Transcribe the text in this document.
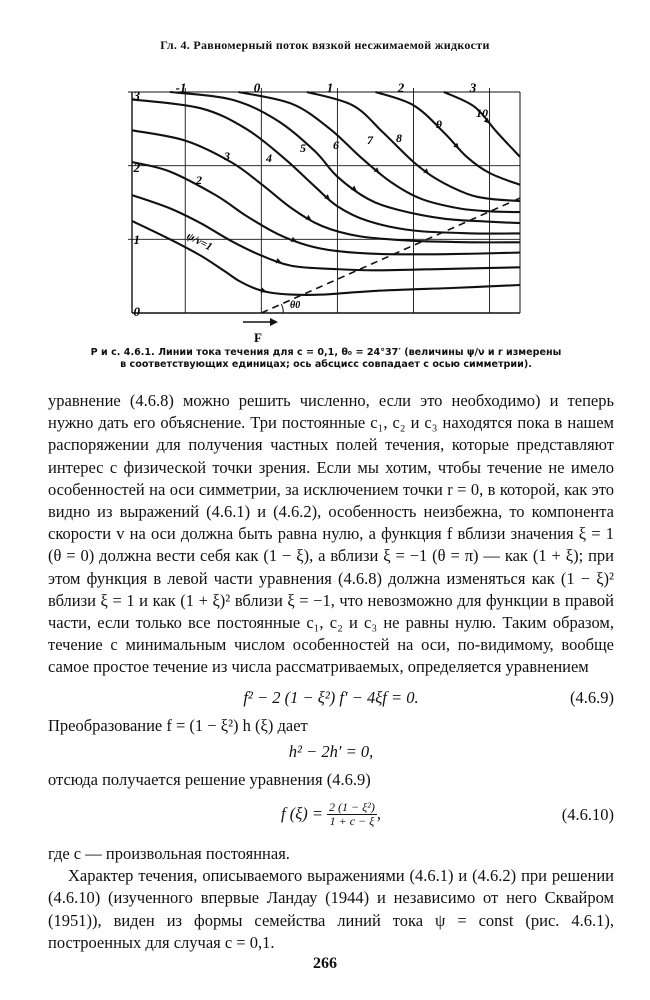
Гл. 4. Равномерный поток вязкой несжимаемой жидкости
-1	0	1	2	3
0
1
2
3
ψ/ν=1
2
3	4
5 6 7 8
9
10
θ0
F
Р и с. 4.6.1. Линии тока течения для c = 0,1, θ₀ = 24°37′ (величины ψ/ν и r измерены
в соответствующих единицах; ось абсцисс совпадает с осью симметрии).

уравнение (4.6.8) можно решить численно, если это необходимо) и теперь нужно дать его объяснение. Три постоянные c₁, c₂ и c₃ находятся пока в нашем распоряжении для получения частных полей течения, которые представляют интерес с физической точки зрения. Если мы хотим, чтобы течение не имело особенностей на оси симметрии, за исключением точки r = 0, в которой, как это видно из выражений (4.6.1) и (4.6.2), особенность неизбежна, то компонента скорости v на оси должна быть равна нулю, а функция f вблизи значения ξ = 1 (θ = 0) должна вести себя как (1 − ξ), а вблизи ξ = −1 (θ = π) — как (1 + ξ); при этом функция в левой части уравнения (4.6.8) должна изменяться как (1 − ξ)² вблизи ξ = 1 и как (1 + ξ)² вблизи ξ = −1, что невозможно для функции в правой части, если только все постоянные c₁, c₂ и c₃ не равны нулю. Таким образом, течение с минимальным числом особенностей на оси, по-видимому, вообще самое простое течение из числа рассматриваемых, определяется уравнением

f² − 2 (1 − ξ²) f′ − 4ξf = 0.	(4.6.9)

Преобразование f = (1 − ξ²) h (ξ) дает

h² − 2h′ = 0,

отсюда получается решение уравнения (4.6.9)

f $(\xi) = \frac{\text{2 (1 − ξ²)}}{1 + c - \xi}$ ,	(4.6.10)

где c — произвольная постоянная.

Характер течения, описываемого выражениями (4.6.1) и (4.6.2) при решении (4.6.10) (изученного впервые Ландау (1944) и независимо от него Сквайром (1951)), виден из формы семейства линий тока ψ = const (рис. 4.6.1), построенных для случая c = 0,1.

266
